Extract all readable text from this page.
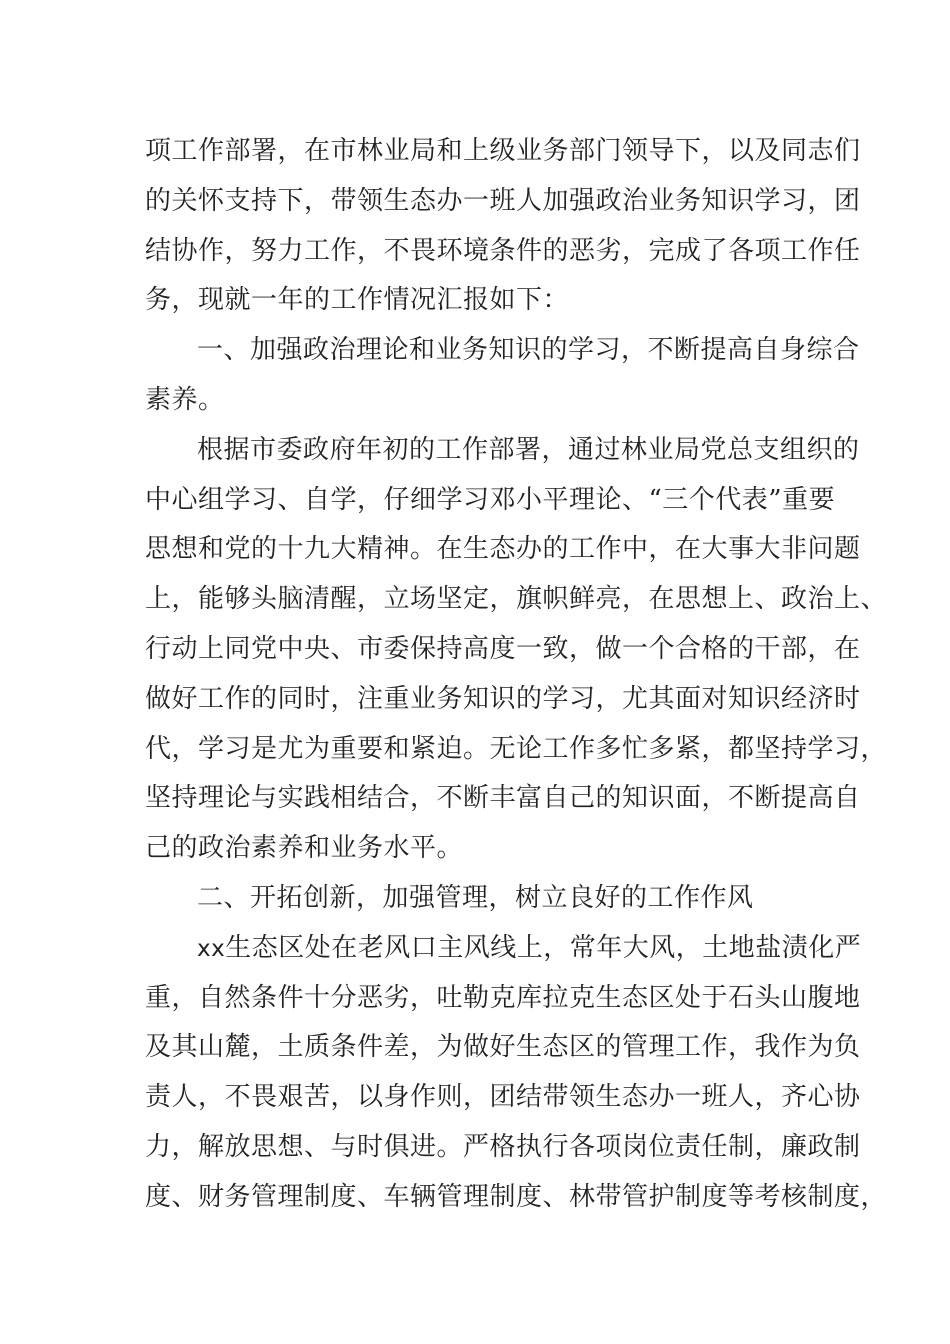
项工作部署，在市林业局和上级业务部门领导下，以及同志们
的关怀支持下，带领生态办一班人加强政治业务知识学习，团
结协作，努力工作，不畏环境条件的恶劣，完成了各项工作任
务，现就一年的工作情况汇报如下：
一、加强政治理论和业务知识的学习，不断提高自身综合
素养。
根据市委政府年初的工作部署，通过林业局党总支组织的
中心组学习、自学，仔细学习邓小平理论、“三个代表”重要
思想和党的十九大精神。在生态办的工作中，在大事大非问题
上，能够头脑清醒，立场坚定，旗帜鲜亮，在思想上、政治上、
行动上同党中央、市委保持高度一致，做一个合格的干部，在
做好工作的同时，注重业务知识的学习，尤其面对知识经济时
代，学习是尤为重要和紧迫。无论工作多忙多紧，都坚持学习，
坚持理论与实践相结合，不断丰富自己的知识面，不断提高自
己的政治素养和业务水平。
二、开拓创新，加强管理，树立良好的工作作风
xx生态区处在老风口主风线上，常年大风，土地盐渍化严
重，自然条件十分恶劣，吐勒克库拉克生态区处于石头山腹地
及其山麓，土质条件差，为做好生态区的管理工作，我作为负
责人，不畏艰苦，以身作则，团结带领生态办一班人，齐心协
力，解放思想、与时俱进。严格执行各项岗位责任制，廉政制
度、财务管理制度、车辆管理制度、林带管护制度等考核制度，
